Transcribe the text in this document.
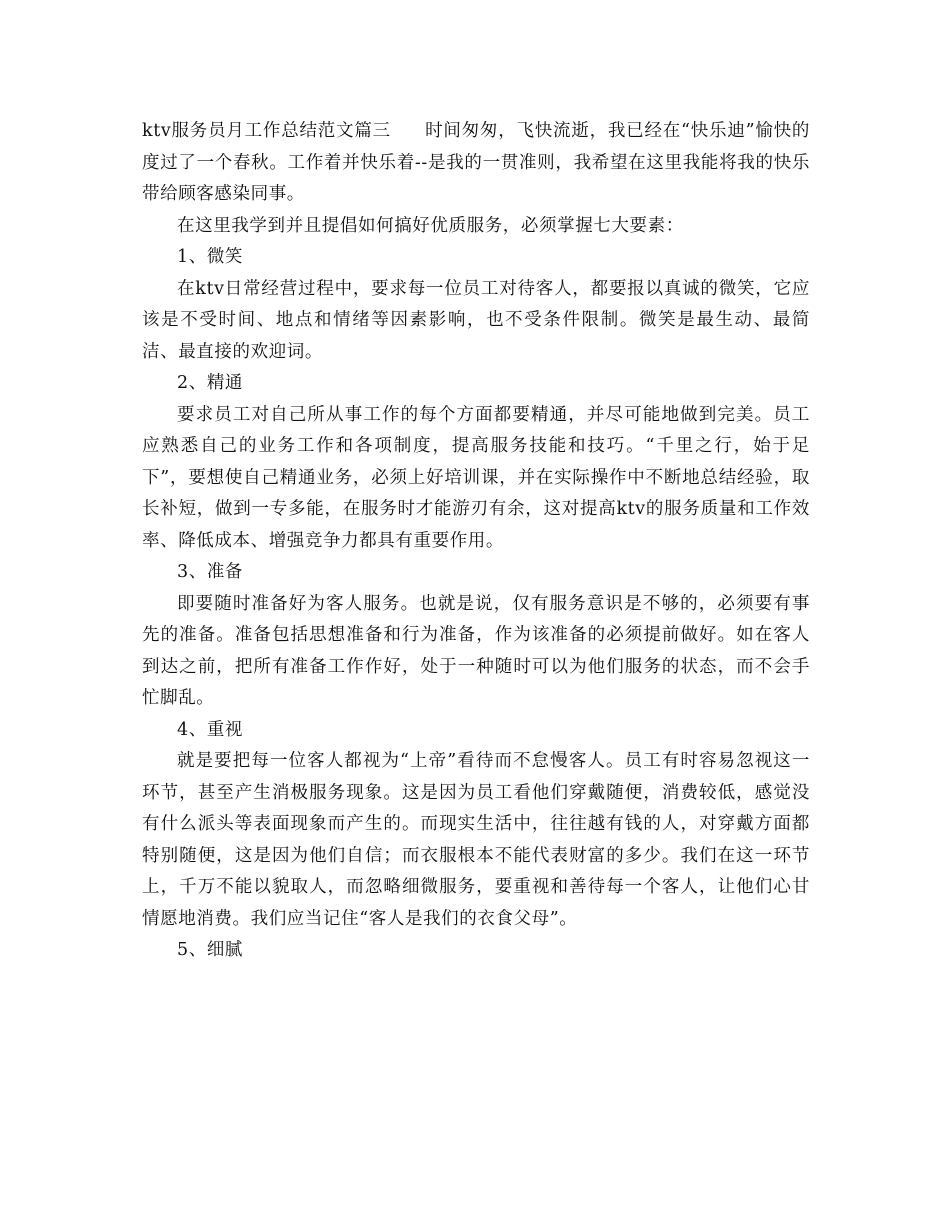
ktv服务员月工作总结范文篇三 时间匆匆，飞快流逝，我已经在“快乐迪”愉快的度过了一个春秋。工作着并快乐着--是我的一贯准则，我希望在这里我能将我的快乐带给顾客感染同事。

在这里我学到并且提倡如何搞好优质服务，必须掌握七大要素：

1、微笑

在ktv日常经营过程中，要求每一位员工对待客人，都要报以真诚的微笑，它应该是不受时间、地点和情绪等因素影响，也不受条件限制。微笑是最生动、最简洁、最直接的欢迎词。

2、精通

要求员工对自己所从事工作的每个方面都要精通，并尽可能地做到完美。员工应熟悉自己的业务工作和各项制度，提高服务技能和技巧。“千里之行，始于足下”，要想使自己精通业务，必须上好培训课，并在实际操作中不断地总结经验，取长补短，做到一专多能，在服务时才能游刃有余，这对提高ktv的服务质量和工作效率、降低成本、增强竞争力都具有重要作用。

3、准备

即要随时准备好为客人服务。也就是说，仅有服务意识是不够的，必须要有事先的准备。准备包括思想准备和行为准备，作为该准备的必须提前做好。如在客人到达之前，把所有准备工作作好，处于一种随时可以为他们服务的状态，而不会手忙脚乱。

4、重视

就是要把每一位客人都视为“上帝”看待而不怠慢客人。员工有时容易忽视这一环节，甚至产生消极服务现象。这是因为员工看他们穿戴随便，消费较低，感觉没有什么派头等表面现象而产生的。而现实生活中，往往越有钱的人，对穿戴方面都特别随便，这是因为他们自信；而衣服根本不能代表财富的多少。我们在这一环节上，千万不能以貌取人，而忽略细微服务，要重视和善待每一个客人，让他们心甘情愿地消费。我们应当记住“客人是我们的衣食父母”。

5、细腻
